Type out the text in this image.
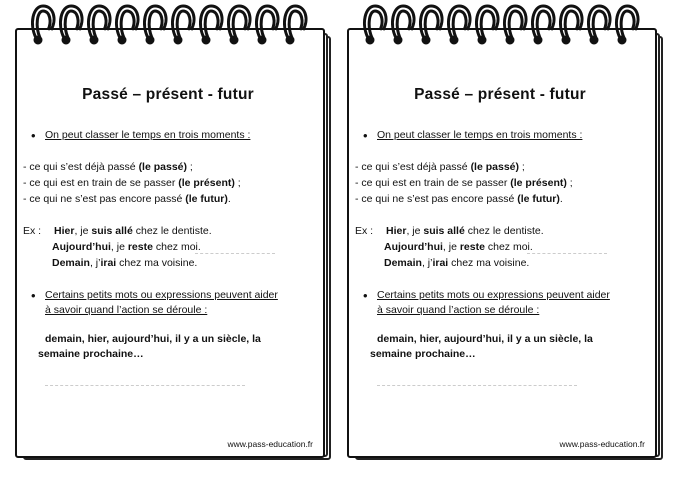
Passé – présent - futur
• On peut classer le temps en trois moments :
- ce qui s’est déjà passé (le passé) ;
- ce qui est en train de se passer (le présent) ;
- ce qui ne s’est pas encore passé (le futur).
Ex : Hier, je suis allé chez le dentiste.
Aujourd’hui, je reste chez moi.
Demain, j’irai chez ma voisine.
• Certains petits mots ou expressions peuvent aider
à savoir quand l’action se déroule :
demain, hier, aujourd’hui, il y a un siècle, la
semaine prochaine…
www.pass-education.fr
Passé – présent - futur
• On peut classer le temps en trois moments :
- ce qui s’est déjà passé (le passé) ;
- ce qui est en train de se passer (le présent) ;
- ce qui ne s’est pas encore passé (le futur).
Ex : Hier, je suis allé chez le dentiste.
Aujourd’hui, je reste chez moi.
Demain, j’irai chez ma voisine.
• Certains petits mots ou expressions peuvent aider
à savoir quand l’action se déroule :
demain, hier, aujourd’hui, il y a un siècle, la
semaine prochaine…
www.pass-education.fr
